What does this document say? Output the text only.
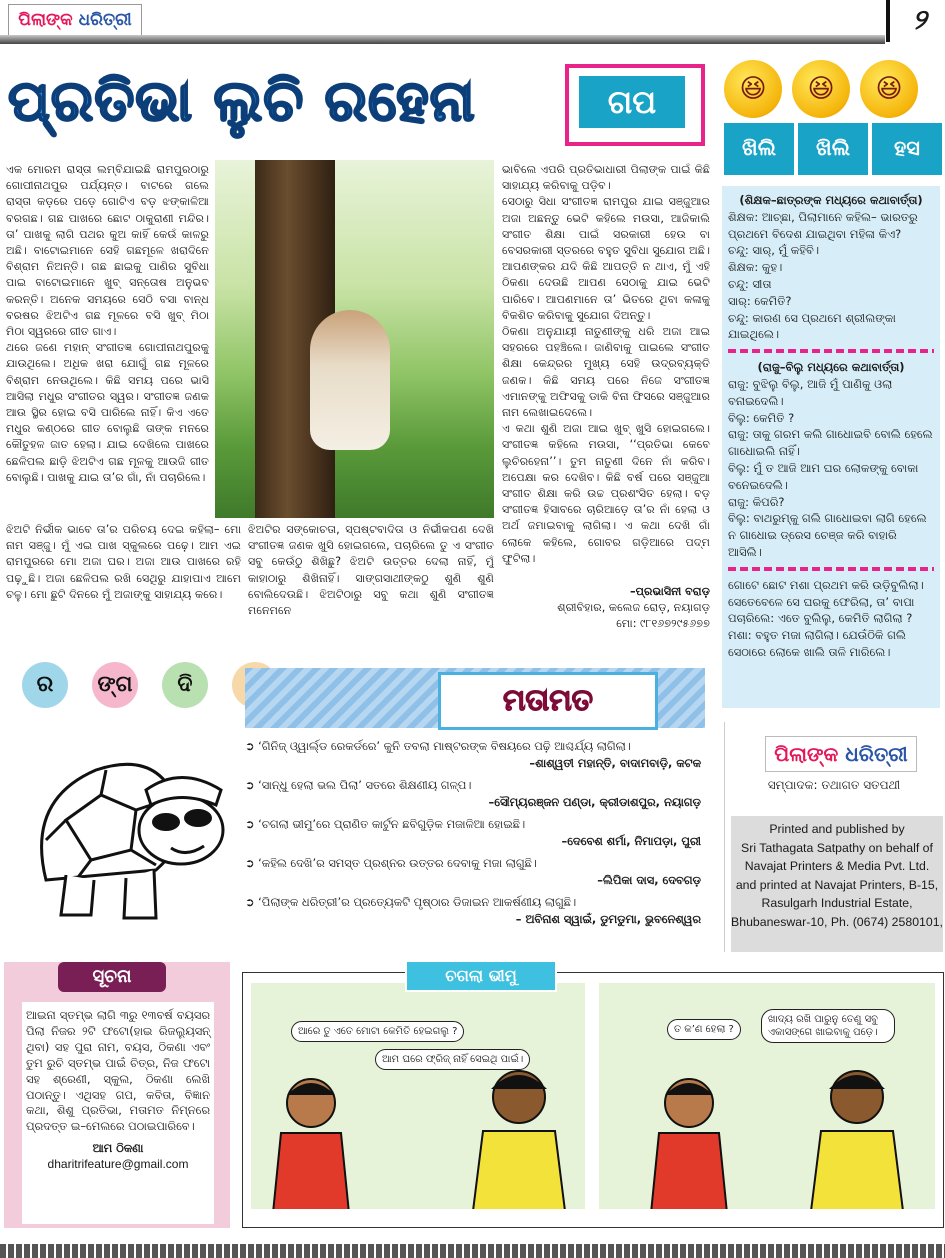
ପିଲାଙ୍କ ଧରିତ୍ରୀ	୨
ପ୍ରତିଭା ଲୁଚି ରହେନା	ଗପ

ଏକ ମୋରମ ରାସ୍ତା ଲମ୍ବିଯାଇଛି ରାମପୁରଠାରୁ ଗୋପୀନାଥପୁର ପର୍ଯ୍ୟନ୍ତ। ବାଟରେ ଗଲେ ରାସ୍ତା କଡ଼ରେ ପଡ଼େ ଗୋଟିଏ ବଡ଼ ଝଙ୍କାଳିଆ ବରଗଛ। ଗଛ ପାଖରେ ଛୋଟ ଠାକୁରାଣୀ ମନ୍ଦିର। ତା’ ପାଖକୁ ଲାଗି ପଥର କୁଅ କାହିଁ କେଉଁ କାଳରୁ ଅଛି। ବାଟୋଇମାନେ ସେହି ଗଛମୂଳେ ଖରାଦିନେ ବିଶ୍ରାମ ନିଅନ୍ତି। ଗଛ ଛାଇକୁ ପାଣିର ସୁବିଧା ପାଇ ବାଟୋଇମାନେ ଖୁବ୍ ସନ୍ତୋଷ ଅନୁଭବ କରନ୍ତି। ଅନେକ ସମୟରେ ସେଠି ବସା ବାନ୍ଧ ବରଷର ଝିଅଟିଏ ଗଛ ମୂଳରେ ବସି ଖୁବ୍ ମିଠା ମିଠା ସ୍ୱରରେ ଗୀତ ଗାଏ।

ଥରେ ଜଣେ ମହାନ୍ ସଂଗୀତଜ୍ଞ ଗୋପୀନାଥପୁରକୁ ଯାଉଥିଲେ। ଅଧିକ ଖରା ଯୋଗୁଁ ଗଛ ମୂଳରେ ବିଶ୍ରାମ ନେଉଥିଲେ। କିଛି ସମୟ ପରେ ଭାସି ଆସିଲା ମଧୁର ସଂଗୀତର ସ୍ୱର। ସଂଗୀତଜ୍ଞ ଜଣକ ଆଉ ସ୍ଥିର ହୋଇ ବସି ପାରିଲେ ନାହିଁ। କିଏ ଏତେ ମଧୁର କଣ୍ଠରେ ଗୀତ ବୋଲୁଛି ତାଙ୍କ ମନରେ କୌତୁହଳ ଜାତ ହେଲା। ଯାଇ ଦେଖିଲେ ପାଖରେ ଛେଳିପଲ ଛାଡ଼ି ଝିଅଟିଏ ଗଛ ମୂଳକୁ ଆଉଜି ଗୀତ ବୋଲୁଛି। ପାଖକୁ ଯାଇ ତା’ର ଗାଁ, ନାଁ ପଚାରିଲେ।

ଝିଅଟି ନିର୍ଭୀକ ଭାବେ ତା’ର ପରିଚୟ ଦେଇ କହିଲା– ମୋ ନାମ ସଞ୍ଜୁ। ମୁଁ ଏଇ ପାଖ ସ୍କୁଲରେ ପଢ଼େ। ଆମ ଏଇ ରାମପୁରରେ ମୋ ଅଜା ଘର। ଅଜା ଆଉ ପାଖରେ ରହି ପଢ଼ୁଛି। ଅଜା ଛେଳିପଲ ରଖି ସେଥିରୁ ଯାହାପାଏ ଆମେ ଚଳୁ। ମୋ ଛୁଟି ଦିନରେ ମୁଁ ଅଜାଙ୍କୁ ସାହାଯ୍ୟ କରେ।

ଝିଅଟିର ସଙ୍କୋଚତା, ସ୍ପଷ୍ଟବାଦିତା ଓ ନିର୍ଭୀକପଣ ଦେଖି ସଂଗୀତଜ୍ଞ ଜଣକ ଖୁସି ହୋଇଗଲେ, ପଚାରିଲେ ତୁ ଏ ସଂଗୀତ ସବୁ କେଉଁଠୁ ଶିଖିଛୁ? ଝିଅଟି ଉତ୍ତର ଦେଲା ନାହିଁ, ମୁଁ କାହାଠାରୁ ଶିଖିନାହିଁ। ସାଙ୍ଗସାଥୀଙ୍କଠୁ ଶୁଣି ଶୁଣି ବୋଲିଦେଉଛି। ଝିଅଟିଠାରୁ ସବୁ କଥା ଶୁଣି ସଂଗୀତଜ୍ଞ ମନେମନେ

ଭାବିଲେ ଏପରି ପ୍ରତିଭାଧାରୀ ପିଲାଙ୍କ ପାଇଁ କିଛି ସାହାଯ୍ୟ କରିବାକୁ ପଡ଼ିବ।

ସେଠାରୁ ସିଧା ସଂଗୀତଜ୍ଞ ରାମପୁର ଯାଇ ସଞ୍ଜୁଆର ଅଜା ଅଛନ୍ତୁ ଭେଟି କହିଲେ ମଉସା, ଆଜିକାଲି ସଂଗୀତ ଶିକ୍ଷା ପାଇଁ ସରକାରୀ ହେଉ ବା ବେସରକାରୀ ସ୍ତରରେ ବହୁତ ସୁବିଧା ସୁଯୋଗ ଅଛି। ଆପଣଙ୍କର ଯଦି କିଛି ଆପତ୍ତି ନ ଥାଏ, ମୁଁ ଏହି ଠିକଣା ଦେଉଛି ଆପଣ ସେଠାକୁ ଯାଇ ଭେଟି ପାରିବେ। ଆପଣମାନେ ତା’ ଭିତରେ ଥିବା କଳାକୁ ବିକଶିତ କରିବାକୁ ସୁଯୋଗ ଦିଅନ୍ତୁ।

ଠିକଣା ଅନୁଯାୟୀ ନାତୁଣୀଙ୍କୁ ଧରି ଅଜା ଆଇ ସହରରେ ପହଞ୍ଚିଲେ। ଜାଣିବାକୁ ପାଇଲେ ସଂଗୀତ ଶିକ୍ଷା କେନ୍ଦ୍ରର ମୁଖ୍ୟ ସେହି ଉଦ୍ରବ୍ୟକ୍ତି ଜଣକ। କିଛି ସମୟ ପରେ ନିଜେ ସଂଗୀତଜ୍ଞ ଏମାନଙ୍କୁ ଅଫିସକୁ ଡାକି ବିନା ଫିସରେ ସଞ୍ଜୁଆର ନାମ ଲେଖାଇଦେଲେ।

ଏ କଥା ଶୁଣି ଅଜା ଆଇ ଖୁବ୍ ଖୁସି ହୋଇଗଲେ। ସଂଗୀତଜ୍ଞ କହିଲେ ମଉସା, ‘‘ପ୍ରତିଭା କେବେ ଲୁଚିରହେନା’’। ତୁମ ନାତୁଣୀ ଦିନେ ନାଁ କରିବ। ଅପେକ୍ଷା କର ଦେଖିବ। କିଛି ବର୍ଷ ପରେ ସଞ୍ଜୁଆ ସଂଗୀତ ଶିକ୍ଷା କରି ଉଚ୍ଚ ପ୍ରଶଂସିତ ହେଲା। ବଡ଼ ସଂଗୀତଜ୍ଞ ହିସାବରେ ଚାରିଆଡ଼େ ତା’ର ନାଁ ହେଲା ଓ ଅର୍ଥ ଜମାଇବାକୁ ଲାଗିଲା। ଏ କଥା ଦେଖି ଗାଁ ଲୋକେ କହିଲେ, ଗୋବର ଗଡ଼ିଆରେ ପଦ୍ମ ଫୁଟିଲା।

–ପ୍ରଭାସିନୀ ବରାଡ଼

ଶ୍ରୀବିହାର, କଲେଜ ରୋଡ଼, ନୟାଗଡ଼

ମୋ: ୯୮୧୬୭୨୯୫୬୭୭

😆 😆 😆
ଖିଲି	ଖିଲି	ହସ

(ଶିକ୍ଷକ–ଛାତ୍ରଙ୍କ ମଧ୍ୟରେ କଥାବାର୍ତ୍ତା)

ଶିକ୍ଷକ: ଆଚ୍ଛା, ପିଲାମାନେ କହିଲ– ଭାରତରୁ ପ୍ରଥମେ ବିଦେଶ ଯାଇଥିବା ମହିଳା କିଏ?

ଚନ୍ଦୁ: ସାର୍, ମୁଁ କହିବି।

ଶିକ୍ଷକ: କୁହ।

ଚନ୍ଦୁ: ସୀତା

ସାର୍: କେମିତି?

ଚନ୍ଦୁ: କାରଣ ସେ ପ୍ରଥମେ ଶ୍ରୀଲଙ୍କା ଯାଇଥିଲେ।

(ରାଜୁ–ବିଲୁ ମଧ୍ୟରେ କଥାବାର୍ତ୍ତା)

ରାଜୁ: ବୁଝିଲୁ ବିଲୁ, ଆଜି ମୁଁ ପାଣିକୁ ଓଲା ବନାଇଦେଲି।

ବିଲୁ: କେମିତି ?

ରାଜୁ: ତାକୁ ଗରମ କଲି ଗାଧୋଇବି ବୋଲି ହେଲେ ଗାଧୋଇଲି ନାହିଁ।

ବିଲୁ: ମୁଁ ତ ଆଜି ଆମ ଘର ଲୋକଙ୍କୁ ବୋକା ବନେଇଦେଲି।

ରାଜୁ: କିପରି?

ବିଲୁ: ବାଥରୁମ୍‌କୁ ଗଲି ଗାଧୋଇବା ଲାଗି ହେଲେ ନ ଗାଧୋଇ ଡ୍ରେସ ଚେଞ୍ଜ କରି ବାହାରି ଆସିଲି।

ଗୋଟେ ଛୋଟ ମଶା ପ୍ରଥମ କରି ଉଡ଼ିବୁଲିଲା। ସେତେବେଳେ ସେ ଘରକୁ ଫେରିଲା, ତା’ ବାପା ପଚାରିଲେ: ଏତେ ବୁଲିଲୁ, କେମିତି ଲାଗିଲା ?

ମଶା: ବହୁତ ମଜା ଲାଗିଲା। ଯେଉଁଠିକି ଗଲି ସେଠାରେ ଲୋକେ ଖାଲି ତାଳି ମାରିଲେ।

ର	ଙ୍ଗ	ଦି	ମତାମତ

➲ ‘ଗିନିଜ୍ ଓ୍ୱାର୍ଲ୍ଡ ରେକର୍ଡରେ’ କୁନି ତବଲା ମାଷ୍ଟରଙ୍କ ବିଷୟରେ ପଢ଼ି ଆଶ୍ଚର୍ଯ୍ୟ ଲାଗିଲା।

–ଶାଶ୍ୱତୀ ମହାନ୍ତି, ବାଦାମବାଡ଼ି, କଟକ

➲ ‘ସାନ୍ଧୁ ହେଲା ଭଲ ପିଲା’ ସତରେ ଶିକ୍ଷଣୀୟ ଗଳ୍ପ।

–ସୌମ୍ୟରଞ୍ଜନ ପଣ୍ଡା, କ୍ରୀଡାଶପୁର, ନୟାଗଡ଼

➲ ‘ଚଗଲା ଭୀମୁ’ରେ ପ୍ରାଣିତ କାର୍ଟୁନ ଛବିଗୁଡ଼ିକ ମଜାଳିଆ ହୋଇଛି।

–ଦେବେଶ ଶର୍ମା, ନିମାପଡ଼ା, ପୁରୀ

➲ ‘କହିଲ ଦେଖି’ର ସମସ୍ତ ପ୍ରଶ୍ନର ଉତ୍ତର ଦେବାକୁ ମଜା ଲାଗୁଛି।

–ଲିପିକା ଦାସ, ଦେବଗଡ଼

➲ ‘ପିଲାଙ୍କ ଧରିତ୍ରୀ’ର ପ୍ରତ୍ୟେକଟି ପୃଷ୍ଠାର ଡିଜାଇନ ଆକର୍ଷଣୀୟ ଲାଗୁଛି।

– ଅବିନାଶ ସ୍ୱାଇଁ, ଡୁମଡୁମା, ଭୁବନେଶ୍ୱର

ପିଲାଙ୍କ ଧରିତ୍ରୀ
ସମ୍ପାଦକ: ତଥାଗତ ସତପଥୀ
Printed and published by
Sri Tathagata Satpathy on behalf of
Navajat Printers & Media Pvt. Ltd.
and printed at Navajat Printers, B-15,
Rasulgarh Industrial Estate,
Bhubaneswar-10, Ph. (0674) 2580101,
ସୂଚନା
ଆଇନା ସ୍ତମ୍ଭ ଲାଗି ୩ରୁ ୧୩ବର୍ଷ ବୟସର ପିଲା ନିଜର ୨ଟି ଫଟୋ(ହାଇ ରିଜଲ୍ୟୁସନ୍ ଥିବା) ସହ ପୁରା ନାମ, ବୟସ, ଠିକଣା ଏବଂ ତୁମ ରୁଚି ସ୍ତମ୍ଭ ପାଇଁ ଚିତ୍ର, ନିଜ ଫଟୋ ସହ ଶ୍ରେଣୀ, ସ୍କୁଲ, ଠିକଣା ଲେଖି ପଠାନ୍ତୁ। ଏଥିସହ ଗପ, କବିତା, ବିଜ୍ଞାନ କଥା, ଶିଶୁ ପ୍ରତିଭା, ମତାମତ ନିମ୍ନରେ ପ୍ରଦତ୍ତ ଇ–ମେଲରେ ପଠାଇପାରିବେ।
ଆମ ଠିକଣା
dharitrifeature@gmail.com
ଆରେ ତୁ ଏତେ ମୋଟା କେମିତି ହେଇଗଲୁ ?
ଆମ ଘରେ ଫ୍ରିଜ୍ ନାହିଁ ସେଇଥି ପାଇଁ।
ତ କ’ଣ ହେଲା ?
ଖାଦ୍ୟ ରଖି ପାରୁନୁ ତେଣୁ ସବୁ ଏକାସଙ୍ଗେ ଖାଇବାକୁ ପଡ଼େ।
ଚଗଲା ଭୀମୁ
